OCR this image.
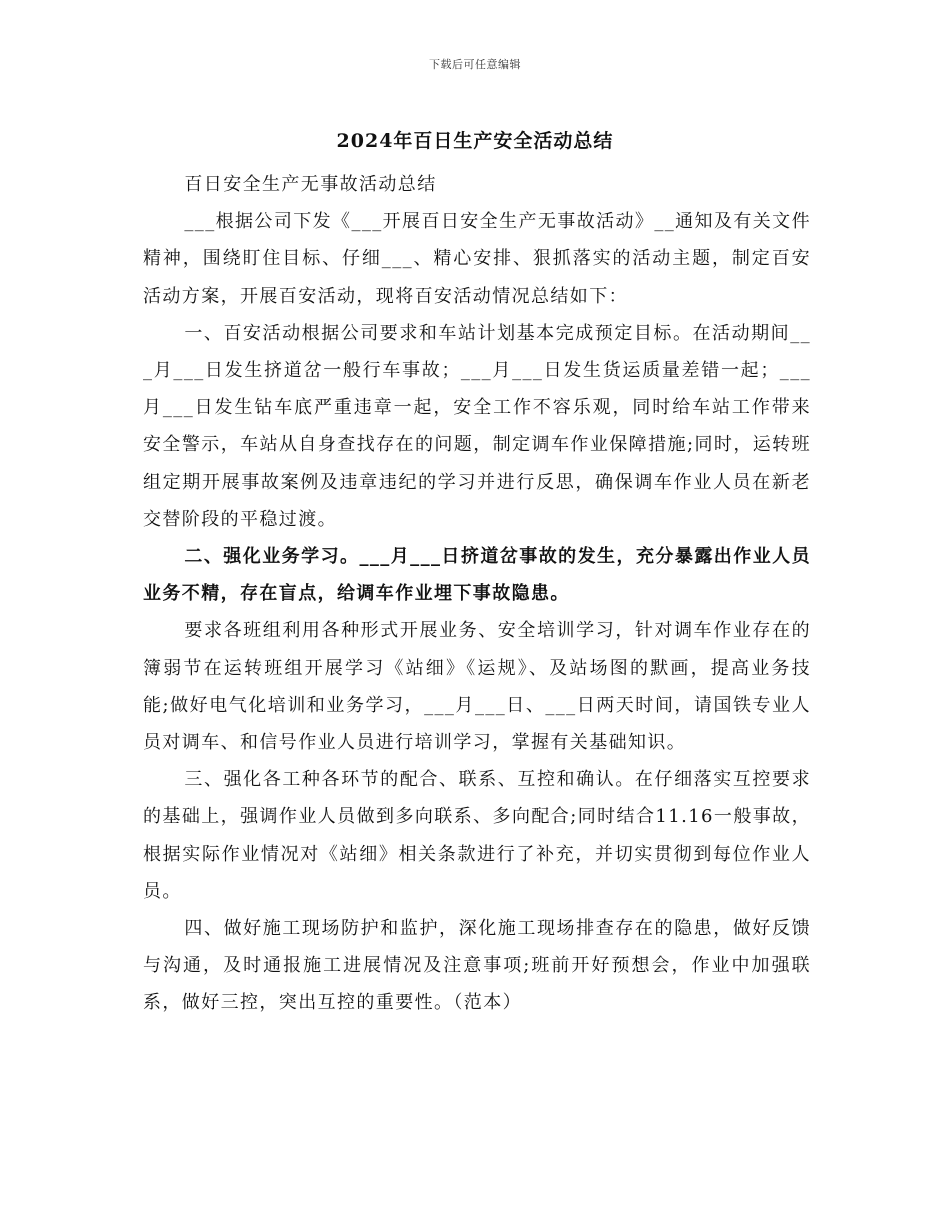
下载后可任意编辑
2024年百日生产安全活动总结

百日安全生产无事故活动总结

___根据公司下发《___开展百日安全生产无事故活动》__通知及有关文件精神，围绕盯住目标、仔细___、精心安排、狠抓落实的活动主题，制定百安活动方案，开展百安活动，现将百安活动情况总结如下：

一、百安活动根据公司要求和车站计划基本完成预定目标。在活动期间___月___日发生挤道岔一般行车事故；___月___日发生货运质量差错一起；___月___日发生钻车底严重违章一起，安全工作不容乐观，同时给车站工作带来安全警示，车站从自身查找存在的问题，制定调车作业保障措施;同时，运转班组定期开展事故案例及违章违纪的学习并进行反思，确保调车作业人员在新老交替阶段的平稳过渡。

二、强化业务学习。___月___日挤道岔事故的发生，充分暴露出作业人员业务不精，存在盲点，给调车作业埋下事故隐患。

要求各班组利用各种形式开展业务、安全培训学习，针对调车作业存在的簿弱节在运转班组开展学习《站细》《运规》、及站场图的默画，提高业务技能;做好电气化培训和业务学习，___月___日、___日两天时间，请国铁专业人员对调车、和信号作业人员进行培训学习，掌握有关基础知识。

三、强化各工种各环节的配合、联系、互控和确认。在仔细落实互控要求的基础上，强调作业人员做到多向联系、多向配合;同时结合11.16一般事故，根据实际作业情况对《站细》相关条款进行了补充，并切实贯彻到每位作业人员。

四、做好施工现场防护和监护，深化施工现场排查存在的隐患，做好反馈与沟通，及时通报施工进展情况及注意事项;班前开好预想会，作业中加强联系，做好三控，突出互控的重要性。（范本）
